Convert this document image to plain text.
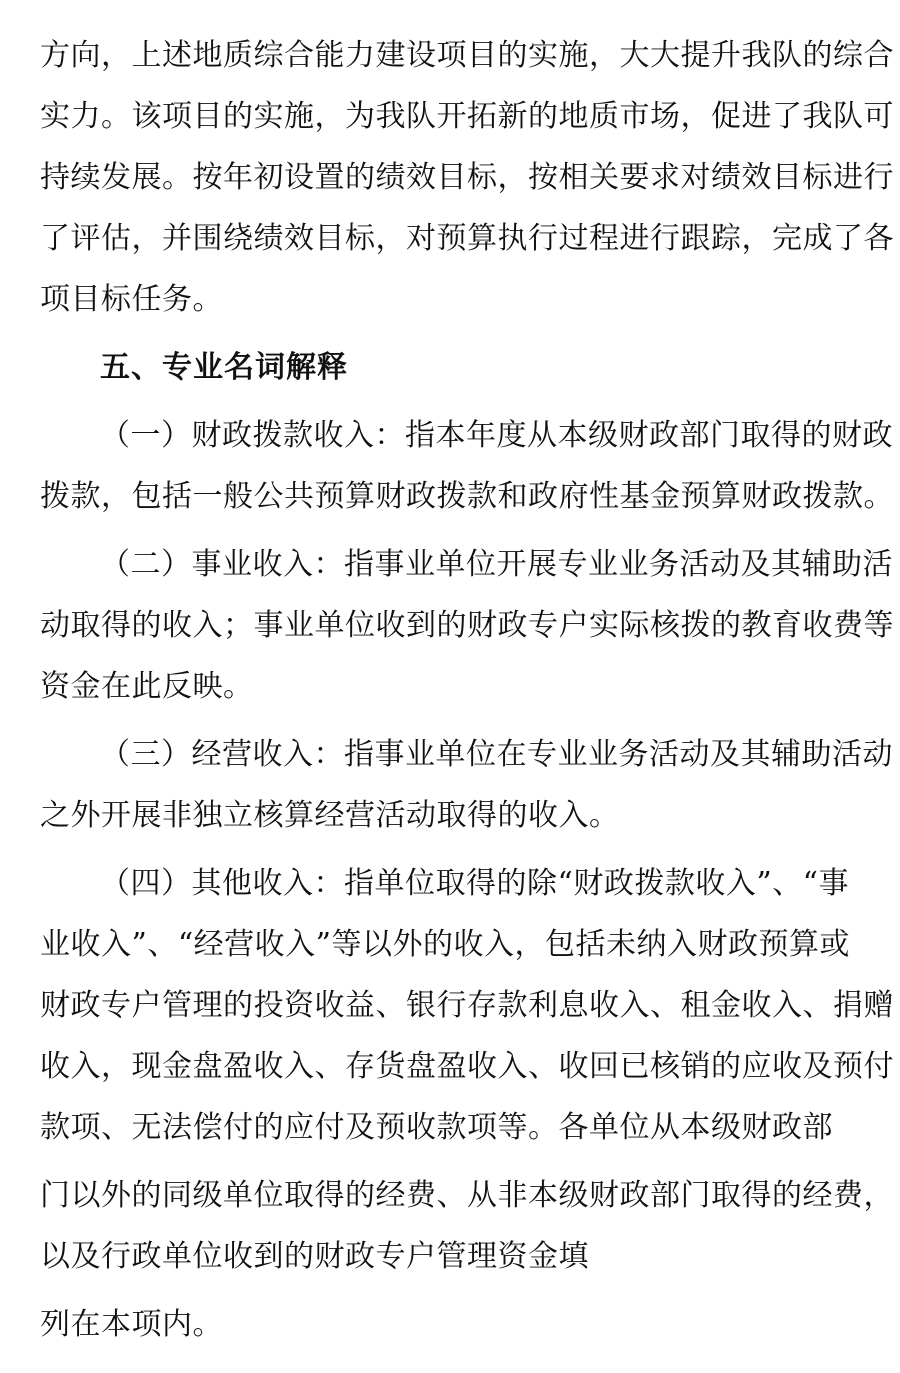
方向，上述地质综合能力建设项目的实施，大大提升我队的综合
实力。该项目的实施，为我队开拓新的地质市场，促进了我队可
持续发展。按年初设置的绩效目标，按相关要求对绩效目标进行
了评估，并围绕绩效目标，对预算执行过程进行跟踪，完成了各
项目标任务。
五、专业名词解释
（一）财政拨款收入：指本年度从本级财政部门取得的财政
拨款，包括一般公共预算财政拨款和政府性基金预算财政拨款。
（二）事业收入：指事业单位开展专业业务活动及其辅助活
动取得的收入；事业单位收到的财政专户实际核拨的教育收费等
资金在此反映。
（三）经营收入：指事业单位在专业业务活动及其辅助活动
之外开展非独立核算经营活动取得的收入。
（四）其他收入：指单位取得的除“财政拨款收入”、“事
业收入”、“经营收入”等以外的收入，包括未纳入财政预算或
财政专户管理的投资收益、银行存款利息收入、租金收入、捐赠
收入，现金盘盈收入、存货盘盈收入、收回已核销的应收及预付
款项、无法偿付的应付及预收款项等。各单位从本级财政部
门以外的同级单位取得的经费、从非本级财政部门取得的经费，
以及行政单位收到的财政专户管理资金填
列在本项内。
